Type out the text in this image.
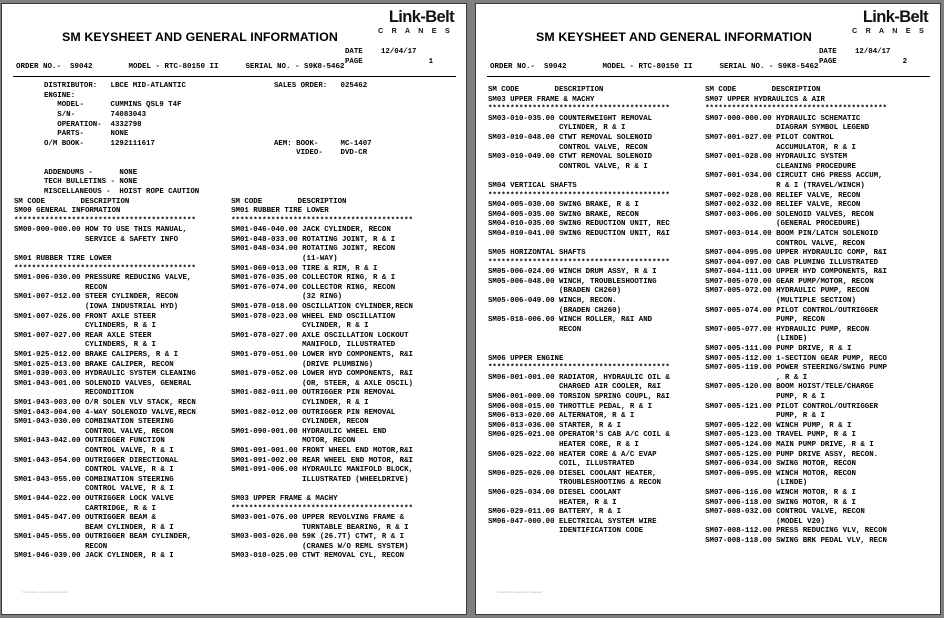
SM KEYSHEET AND GENERAL INFORMATION
Link-Belt
C R A N E S
DATE	12/04/17
PAGE	1
ORDER NO.-  S9042        MODEL - RTC-80150 II      SERIAL NO. - S9K8-5462
DISTRIBUTOR:   LBCE MID-ATLANTIC	SALES ORDER:   025462
ENGINE:
MODEL-      CUMMINS QSL9 T4F
S/N-        74083043
OPERATION-  4332798
PARTS-      NONE
O/M BOOK-      1292111617	AEM: BOOK-     MC-1407

VIDEO-    DVD-CR

ADDENDUMS -      NONE
TECH BULLETINS - NONE
MISCELLANEOUS -  HOIST ROPE CAUTION
SM CODE        DESCRIPTION
SM00 GENERAL INFORMATION
*****************************************
SM00-000-000.00 HOW TO USE THIS MANUAL,
SERVICE & SAFETY INFO
SM01 RUBBER TIRE LOWER
*****************************************
SM01-006-030.00 PRESSURE REDUCING VALVE,
RECON
SM01-007-012.00 STEER CYLINDER, RECON
(IOWA INDUSTRIAL HYD)
SM01-007-026.00 FRONT AXLE STEER
CYLINDERS, R & I
SM01-007-027.00 REAR AXLE STEER
CYLINDERS, R & I
SM01-025-012.00 BRAKE CALIPERS, R & I
SM01-025-013.00 BRAKE CALIPER, RECON
SM01-039-003.00 HYDRAULIC SYSTEM CLEANING
SM01-043-001.00 SOLENOID VALVES, GENERAL
RECONDITION
SM01-043-003.00 O/R SOLEN VLV STACK, RECN
SM01-043-004.00 4-WAY SOLENOID VALVE,RECN
SM01-043-030.00 COMBINATION STEERING
CONTROL VALVE, RECON
SM01-043-042.00 OUTRIGGER FUNCTION
CONTROL VALVE, R & I
SM01-043-054.00 OUTRIGGER DIRECTIONAL
CONTROL VALVE, R & I
SM01-043-055.00 COMBINATION STEERING
CONTROL VALVE, R & I
SM01-044-022.00 OUTRIGGER LOCK VALVE
CARTRIDGE, R & I
SM01-045-047.00 OUTRIGGER BEAM &
BEAM CYLINDER, R & I
SM01-045-055.00 OUTRIGGER BEAM CYLINDER,
RECON
SM01-046-039.00 JACK CYLINDER, R & I
SM CODE        DESCRIPTION
SM01 RUBBER TIRE LOWER
*****************************************
SM01-046-040.00 JACK CYLINDER, RECON
SM01-048-033.00 ROTATING JOINT, R & I
SM01-048-034.00 ROTATING JOINT, RECON
(11-WAY)
SM01-069-013.00 TIRE & RIM, R & I
SM01-076-035.00 COLLECTOR RING, R & I
SM01-076-074.00 COLLECTOR RING, RECON
(32 RING)
SM01-078-018.00 OSCILLATION CYLINDER,RECN
SM01-078-023.00 WHEEL END OSCILLATION
CYLINDER, R & I
SM01-078-027.00 AXLE OSCILLATION LOCKOUT
MANIFOLD, ILLUSTRATED
SM01-079-051.00 LOWER HYD COMPONENTS, R&I
(DRIVE PLUMBING)
SM01-079-052.00 LOWER HYD COMPONENTS, R&I
(OR, STEER, & AXLE OSCIL)
SM01-082-011.00 OUTRIGGER PIN REMOVAL
CYLINDER, R & I
SM01-082-012.00 OUTRIGGER PIN REMOVAL
CYLINDER, RECON
SM01-090-001.00 HYDRAULIC WHEEL END
MOTOR, RECON
SM01-091-001.00 FRONT WHEEL END MOTOR,R&I
SM01-091-002.00 REAR WHEEL END MOTOR, R&I
SM01-091-006.00 HYDRAULIC MANIFOLD BLOCK,
ILLUSTRATED (WHEELDRIVE)
SM03 UPPER FRAME & MACHY
*****************************************
SM03-001-076.00 UPPER REVOLVING FRAME &
TURNTABLE BEARING, R & I
SM03-003-026.00 59K (26.7T) CTWT, R & I
(CRANES W/O REML SYSTEM)
SM03-010-025.00 CTWT REMOVAL CYL, RECON
© Link-Belt is a registered trademark
SM KEYSHEET AND GENERAL INFORMATION
Link-Belt
C R A N E S
DATE	12/04/17
PAGE	2
ORDER NO.-  S9042        MODEL - RTC-80150 II      SERIAL NO. - S9K8-5462
SM CODE        DESCRIPTION
SM03 UPPER FRAME & MACHY
*****************************************
SM03-010-035.00 COUNTERWEIGHT REMOVAL
CYLINDER, R & I
SM03-010-048.00 CTWT REMOVAL SOLENOID
CONTROL VALVE, RECON
SM03-010-049.00 CTWT REMOVAL SOLENOID
CONTROL VALVE, R & I
SM04 VERTICAL SHAFTS
*****************************************
SM04-005-030.00 SWING BRAKE, R & I
SM04-005-035.00 SWING BRAKE, RECON
SM04-010-035.00 SWING REDUCTION UNIT, REC
SM04-010-041.00 SWING REDUCTION UNIT, R&I
SM05 HORIZONTAL SHAFTS
*****************************************
SM05-006-024.00 WINCH DRUM ASSY, R & I
SM05-006-048.00 WINCH, TROUBLESHOOTING
(BRADEN CH260)
SM05-006-049.00 WINCH, RECON.
(BRADEN CH260)
SM05-018-006.00 WINCH ROLLER, R&I AND
RECON
SM06 UPPER ENGINE
*****************************************
SM06-001-001.00 RADIATOR, HYDRAULIC OIL &
CHARGED AIR COOLER, R&I
SM06-001-009.00 TORSION SPRING COUPL, R&I
SM06-008-015.00 THROTTLE PEDAL, R & I
SM06-013-020.00 ALTERNATOR, R & I
SM06-013-036.00 STARTER, R & I
SM06-025-021.00 OPERATOR'S CAB A/C COIL &
HEATER CORE, R & I
SM06-025-022.00 HEATER CORE & A/C EVAP
COIL, ILLUSTRATED
SM06-025-026.00 DIESEL COOLANT HEATER,
TROUBLESHOOTING & RECON
SM06-025-034.00 DIESEL COOLANT
HEATER, R & I
SM06-029-011.00 BATTERY, R & I
SM06-047-000.00 ELECTRICAL SYSTEM WIRE
IDENTIFICATION CODE
SM CODE        DESCRIPTION
SM07 UPPER HYDRAULICS & AIR
*****************************************
SM07-000-000.00 HYDRAULIC SCHEMATIC
DIAGRAM SYMBOL LEGEND
SM07-001-027.00 PILOT CONTROL
ACCUMULATOR, R & I
SM07-001-028.00 HYDRAULIC SYSTEM
CLEANING PROCEDURE
SM07-001-034.00 CIRCUIT CHG PRESS ACCUM,
R & I (TRAVEL/WINCH)
SM07-002-028.00 RELIEF VALVE, RECON
SM07-002-032.00 RELIEF VALVE, RECON
SM07-003-006.00 SOLENOID VALVES, RECON
(GENERAL PROCEDURE)
SM07-003-014.00 BOOM PIN/LATCH SOLENOID
CONTROL VALVE, RECON
SM07-004-095.00 UPPER HYDRAULIC COMP, R&I
SM07-004-097.00 CAB PLUMING ILLUSTRATED
SM07-004-111.00 UPPER HYD COMPONENTS, R&I
SM07-005-070.00 GEAR PUMP/MOTOR, RECON
SM07-005-072.00 HYDRAULIC PUMP, RECON
(MULTIPLE SECTION)
SM07-005-074.00 PILOT CONTROL/OUTRIGGER
PUMP, RECON
SM07-005-077.00 HYDRAULIC PUMP, RECON
(LINDE)
SM07-005-111.00 PUMP DRIVE, R & I
SM07-005-112.00 1-SECTION GEAR PUMP, RECO
SM07-005-119.00 POWER STEERING/SWING PUMP
, R & I
SM07-005-120.00 BOOM HOIST/TELE/CHARGE
PUMP, R & I
SM07-005-121.00 PILOT CONTROL/OUTRIGGER
PUMP, R & I
SM07-005-122.00 WINCH PUMP, R & I
SM07-005-123.00 TRAVEL PUMP, R & I
SM07-005-124.00 MAIN PUMP DRIVE, R & I
SM07-005-125.00 PUMP DRIVE ASSY, RECON.
SM07-006-034.00 SWING MOTOR, RECON
SM07-006-095.00 WINCH MOTOR, RECON
(LINDE)
SM07-006-116.00 WINCH MOTOR, R & I
SM07-006-118.00 SWING MOTOR, R & I
SM07-008-032.00 CONTROL VALVE, RECON
(MODEL V20)
SM07-008-112.00 PRESS REDUCING VLV, RECON
SM07-008-118.00 SWING BRK PEDAL VLV, RECN
© Link-Belt is a registered trademark
